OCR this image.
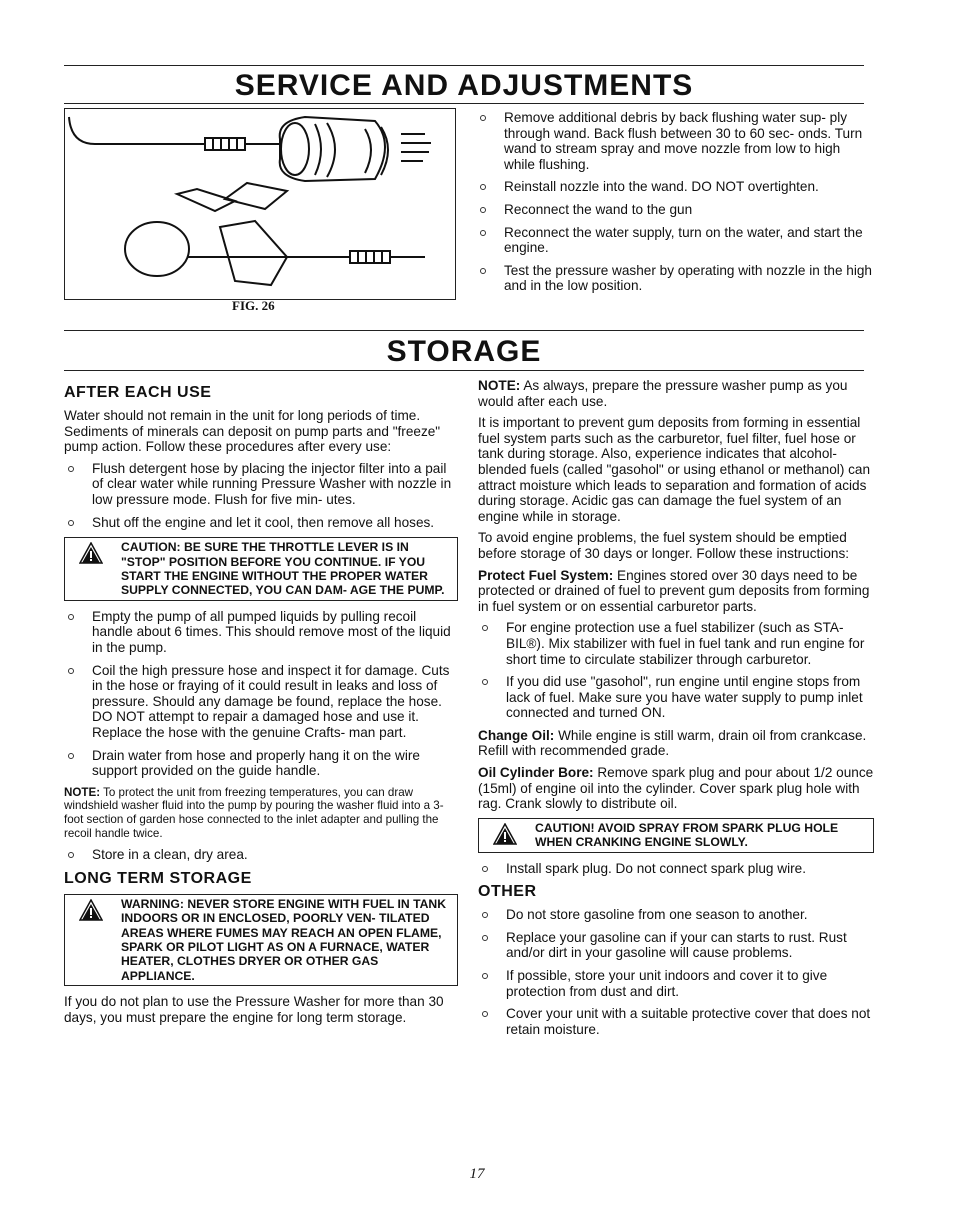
SERVICE AND ADJUSTMENTS
FIG. 26
Remove additional debris by back flushing water sup- ply through wand. Back flush between 30 to 60 sec- onds. Turn wand to stream spray and move nozzle from low to high while flushing.
Reinstall nozzle into the wand. DO NOT overtighten.
Reconnect the wand to the gun
Reconnect the water supply, turn on the water, and start the engine.
Test the pressure washer by operating with nozzle in the high and in the low position.
STORAGE
AFTER EACH USE

Water should not remain in the unit for long periods of time. Sediments of minerals can deposit on pump parts and "freeze" pump action. Follow these procedures after every use:

Flush detergent hose by placing the injector filter into a pail of clear water while running Pressure Washer with nozzle in low pressure mode. Flush for five min- utes.
Shut off the engine and let it cool, then remove all hoses.
CAUTION: BE SURE THE THROTTLE LEVER IS IN "STOP" POSITION BEFORE YOU CONTINUE. IF YOU START THE ENGINE WITHOUT THE PROPER WATER SUPPLY CONNECTED, YOU CAN DAM- AGE THE PUMP.
Empty the pump of all pumped liquids by pulling recoil handle about 6 times. This should remove most of the liquid in the pump.
Coil the high pressure hose and inspect it for damage. Cuts in the hose or fraying of it could result in leaks and loss of pressure. Should any damage be found, replace the hose. DO NOT attempt to repair a damaged hose and use it. Replace the hose with the genuine Crafts- man part.
Drain water from hose and properly hang it on the wire support provided on the guide handle.

NOTE: To protect the unit from freezing temperatures, you can draw windshield washer fluid into the pump by pouring the washer fluid into a 3-foot section of garden hose connected to the inlet adapter and pulling the recoil handle twice.

Store in a clean, dry area.
LONG TERM STORAGE
WARNING: NEVER STORE ENGINE WITH FUEL IN TANK INDOORS OR IN ENCLOSED, POORLY VEN- TILATED AREAS WHERE FUMES MAY REACH AN OPEN FLAME, SPARK OR PILOT LIGHT AS ON A FURNACE, WATER HEATER, CLOTHES DRYER OR OTHER GAS APPLIANCE.

If you do not plan to use the Pressure Washer for more than 30 days, you must prepare the engine for long term storage.

NOTE: As always, prepare the pressure washer pump as you would after each use.

It is important to prevent gum deposits from forming in essential fuel system parts such as the carburetor, fuel filter, fuel hose or tank during storage. Also, experience indicates that alcohol-blended fuels (called "gasohol" or using ethanol or methanol) can attract moisture which leads to separation and formation of acids during storage. Acidic gas can damage the fuel system of an engine while in storage.

To avoid engine problems, the fuel system should be emptied before storage of 30 days or longer. Follow these instructions:

Protect Fuel System: Engines stored over 30 days need to be protected or drained of fuel to prevent gum deposits from forming in fuel system or on essential carburetor parts.

For engine protection use a fuel stabilizer (such as STA-BIL®). Mix stabilizer with fuel in fuel tank and run engine for short time to circulate stabilizer through carburetor.
If you did use "gasohol", run engine until engine stops from lack of fuel. Make sure you have water supply to pump inlet connected and turned ON.

Change Oil: While engine is still warm, drain oil from crankcase. Refill with recommended grade.

Oil Cylinder Bore: Remove spark plug and pour about 1/2 ounce (15ml) of engine oil into the cylinder. Cover spark plug hole with rag. Crank slowly to distribute oil.

CAUTION! AVOID SPRAY FROM SPARK PLUG HOLE WHEN CRANKING ENGINE SLOWLY.
Install spark plug. Do not connect spark plug wire.
OTHER
Do not store gasoline from one season to another.
Replace your gasoline can if your can starts to rust. Rust and/or dirt in your gasoline will cause problems.
If possible, store your unit indoors and cover it to give protection from dust and dirt.
Cover your unit with a suitable protective cover that does not retain moisture.
17
